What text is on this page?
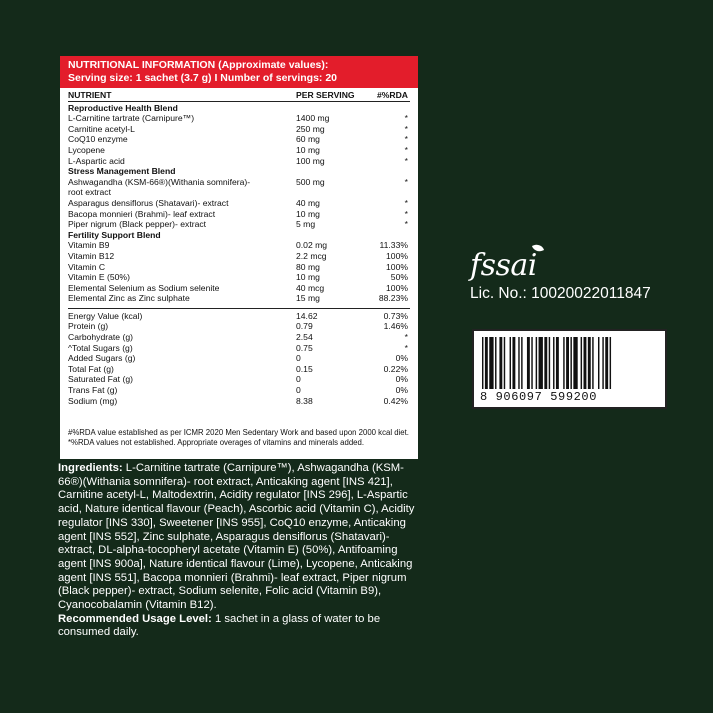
NUTRITIONAL INFORMATION (Approximate values):
Serving size: 1 sachet (3.7 g) I Number of servings: 20
NUTRIENT	PER SERVING	#%RDA
Reproductive Health Blend
L-Carnitine tartrate (Carnipure™)	1400 mg	*
Carnitine acetyl-L	250 mg	*
CoQ10 enzyme	60 mg	*
Lycopene	10 mg	*
L-Aspartic acid	100 mg	*
Stress Management Blend
Ashwagandha (KSM-66®)(Withania somnifera)-	500 mg	*
root extract
Asparagus densiflorus (Shatavari)- extract	40 mg	*
Bacopa monnieri (Brahmi)- leaf extract	10 mg	*
Piper nigrum (Black pepper)- extract	5 mg	*
Fertility Support Blend
Vitamin B9	0.02 mg	11.33%
Vitamin B12	2.2 mcg	100%
Vitamin C	80 mg	100%
Vitamin E (50%)	10 mg	50%
Elemental Selenium as Sodium selenite	40 mcg	100%
Elemental Zinc as Zinc sulphate	15 mg	88.23%
Energy Value (kcal)	14.62	0.73%
Protein (g)	0.79	1.46%
Carbohydrate (g)	2.54	*
^Total Sugars (g)	0.75	*
Added Sugars (g)	0	0%
Total Fat (g)	0.15	0.22%
Saturated Fat (g)	0	0%
Trans Fat (g)	0	0%
Sodium (mg)	8.38	0.42%
#%RDA value established as per ICMR 2020 Men Sedentary Work and based upon 2000 kcal diet. *%RDA values not established. Appropriate overages of vitamins and minerals added.
Ingredients: L-Carnitine tartrate (Carnipure™), Ashwagandha (KSM-66®)(Withania somnifera)- root extract, Anticaking agent [INS 421], Carnitine acetyl-L, Maltodextrin, Acidity regulator [INS 296], L-Aspartic acid, Nature identical flavour (Peach), Ascorbic acid (Vitamin C), Acidity regulator [INS 330], Sweetener [INS 955], CoQ10 enzyme, Anticaking agent [INS 552], Zinc sulphate, Asparagus densiflorus (Shatavari)- extract, DL-alpha-tocopheryl acetate (Vitamin E) (50%), Antifoaming agent [INS 900a], Nature identical flavour (Lime), Lycopene, Anticaking agent [INS 551], Bacopa monnieri (Brahmi)- leaf extract, Piper nigrum (Black pepper)- extract, Sodium selenite, Folic acid (Vitamin B9), Cyanocobalamin (Vitamin B12).
Recommended Usage Level: 1 sachet in a glass of water to be consumed daily.
fssai
Lic. No.: 10020022011847
8 906097 599200
